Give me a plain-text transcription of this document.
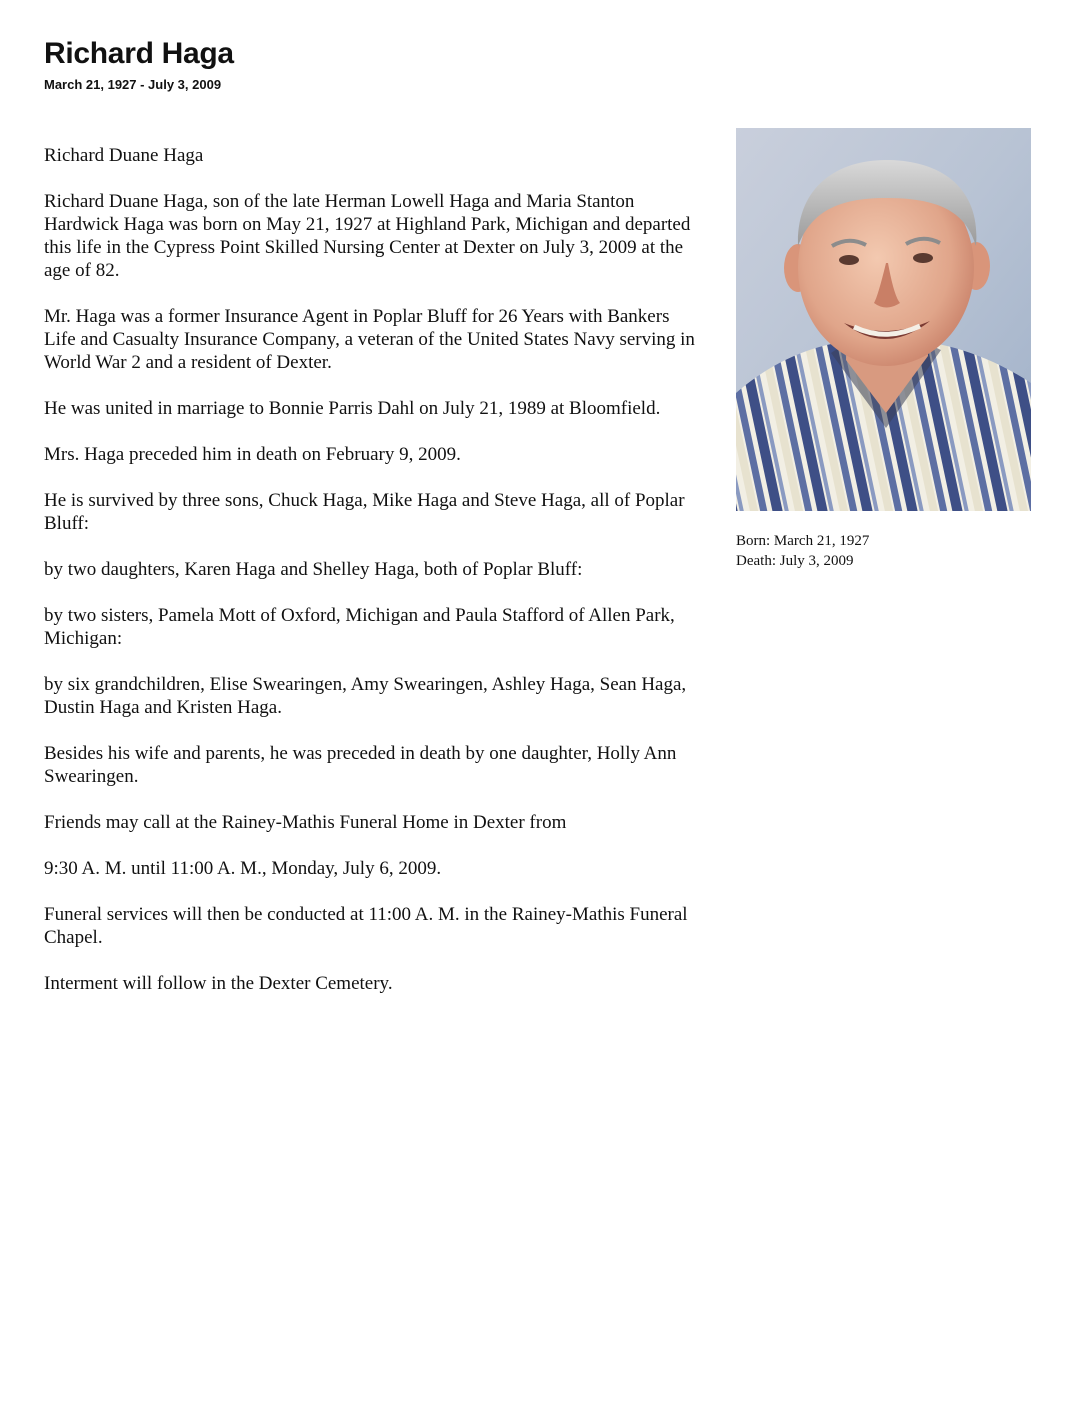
Richard Haga
March 21, 1927 - July 3, 2009

Richard Duane Haga

Richard Duane Haga, son of the late Herman Lowell Haga and Maria Stanton Hardwick Haga was born on May 21, 1927 at Highland Park, Michigan and departed this life in the Cypress Point Skilled Nursing Center at Dexter on July 3, 2009 at the age of 82.

Mr. Haga was a former Insurance Agent in Poplar Bluff for 26 Years with Bankers Life and Casualty Insurance Company, a veteran of the United States Navy serving in World War 2 and a resident of Dexter.

He was united in marriage to Bonnie Parris Dahl on July 21, 1989 at Bloomfield.

Mrs. Haga preceded him in death on February 9, 2009.

He is survived by three sons, Chuck Haga, Mike Haga and Steve Haga, all of Poplar Bluff:

by two daughters, Karen Haga and Shelley Haga, both of Poplar Bluff:

by two sisters, Pamela Mott of Oxford, Michigan and Paula Stafford of Allen Park, Michigan:

by six grandchildren, Elise Swearingen, Amy Swearingen, Ashley Haga, Sean Haga, Dustin Haga and Kristen Haga.

Besides his wife and parents, he was preceded in death by one daughter, Holly Ann Swearingen.

Friends may call at the Rainey-Mathis Funeral Home in Dexter from

9:30 A. M. until 11:00 A. M., Monday, July 6, 2009.

Funeral services will then be conducted at 11:00 A. M. in the Rainey-Mathis Funeral Chapel.

Interment will follow in the Dexter Cemetery.

Born: March 21, 1927
Death: July 3, 2009
